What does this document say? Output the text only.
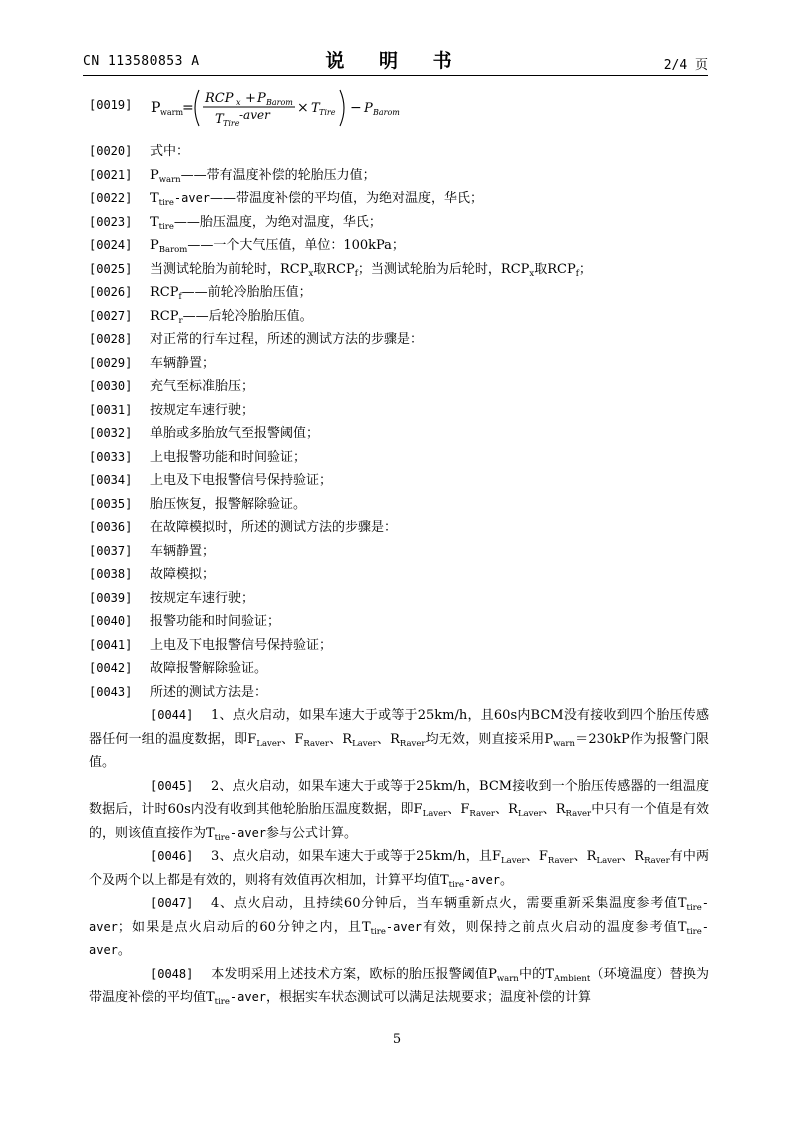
CN 113580853 A	说 明 书	2/4 页
[0019] P warm
=
RCP x + P Barom
T Tire
-aver × T Tire − P Barom
[0020] 式中：
[0021] $P_{warn}——$带有温度补偿的轮胎压力值；
[0022] $T_{tire}-aver——$带温度补偿的平均值，为绝对温度，华氏；
[0023] $T_{tire}——$胎压温度，为绝对温度，华氏；
[0024] $P_{Barom}——$一个大气压值，单位：100kPa；
[0025] 当测试轮胎为前轮时，$RCP_x$取$RCP_f$；当测试轮胎为后轮时，$RCP_x$取$RCP_f$；
[0026] $RCP_f——$前轮冷胎胎压值；
[0027] $RCP_r——$后轮冷胎胎压值。
[0028] 对正常的行车过程，所述的测试方法的步骤是：
[0029] 车辆静置；
[0030] 充气至标准胎压；
[0031] 按规定车速行驶；
[0032] 单胎或多胎放气至报警阈值；
[0033] 上电报警功能和时间验证；
[0034] 上电及下电报警信号保持验证；
[0035] 胎压恢复，报警解除验证。
[0036] 在故障模拟时，所述的测试方法的步骤是：
[0037] 车辆静置；
[0038] 故障模拟；
[0039] 按规定车速行驶；
[0040] 报警功能和时间验证；
[0041] 上电及下电报警信号保持验证；
[0042] 故障报警解除验证。
[0043] 所述的测试方法是：
[0044] 1、点火启动，如果车速大于或等于25km/h，且60s内BCM没有接收到四个胎压传感器任何一组的温度数据，即$F_{Laver}$、$F_{Raver}$、$R_{Laver}$、$R_{Raver}$均无效，则直接采用$P_{warn}=230kP$作为报警门限值。
[0045] 2、点火启动，如果车速大于或等于25km/h，BCM接收到一个胎压传感器的一组温度数据后，计时60s内没有收到其他轮胎胎压温度数据，即$F_{Laver}$、$F_{Raver}$、$R_{Laver}$、$R_{Raver}$中只有一个值是有效的，则该值直接作为$T_{tire}$-aver参与公式计算。
[0046] 3、点火启动，如果车速大于或等于25km/h，且$F_{Laver}$、$F_{Raver}$、$R_{Laver}$、$R_{Raver}$有中两个及两个以上都是有效的，则将有效值再次相加，计算平均值$T_{tire}$-aver。
[0047] 4、点火启动，且持续60分钟后，当车辆重新点火，需要重新采集温度参考值$T_{tire}$-aver；如果是点火启动后的60分钟之内，且$T_{tire}$-aver有效，则保持之前点火启动的温度参考值$T_{tire}$-aver。
[0048] 本发明采用上述技术方案，欧标的胎压报警阈值$P_{warn}$中的$T_{Ambient}$（环境温度）替换为带温度补偿的平均值$T_{tire}$-aver，根据实车状态测试可以满足法规要求；温度补偿的计算
5
